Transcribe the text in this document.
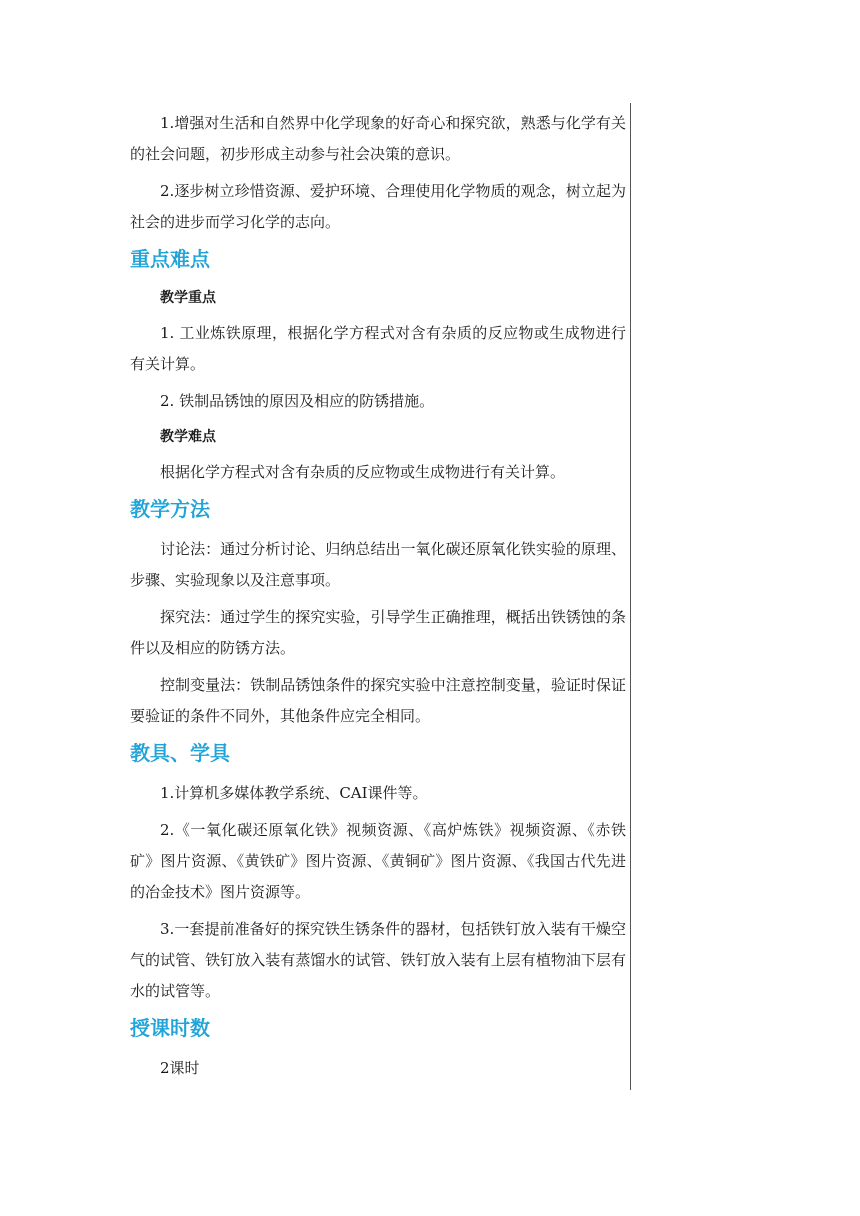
1.增强对生活和自然界中化学现象的好奇心和探究欲，熟悉与化学有关的社会问题，初步形成主动参与社会决策的意识。

2.逐步树立珍惜资源、爱护环境、合理使用化学物质的观念，树立起为社会的进步而学习化学的志向。

重点难点
教学重点

1. 工业炼铁原理，根据化学方程式对含有杂质的反应物或生成物进行有关计算。

2. 铁制品锈蚀的原因及相应的防锈措施。

教学难点

根据化学方程式对含有杂质的反应物或生成物进行有关计算。

教学方法

讨论法：通过分析讨论、归纳总结出一氧化碳还原氧化铁实验的原理、步骤、实验现象以及注意事项。

探究法：通过学生的探究实验，引导学生正确推理，概括出铁锈蚀的条件以及相应的防锈方法。

控制变量法：铁制品锈蚀条件的探究实验中注意控制变量，验证时保证要验证的条件不同外，其他条件应完全相同。

教具、学具

1.计算机多媒体教学系统、CAI课件等。

2.《一氧化碳还原氧化铁》视频资源、《高炉炼铁》视频资源、《赤铁矿》图片资源、《黄铁矿》图片资源、《黄铜矿》图片资源、《我国古代先进的冶金技术》图片资源等。

3.一套提前准备好的探究铁生锈条件的器材，包括铁钉放入装有干燥空气的试管、铁钉放入装有蒸馏水的试管、铁钉放入装有上层有植物油下层有水的试管等。

授课时数

2课时
